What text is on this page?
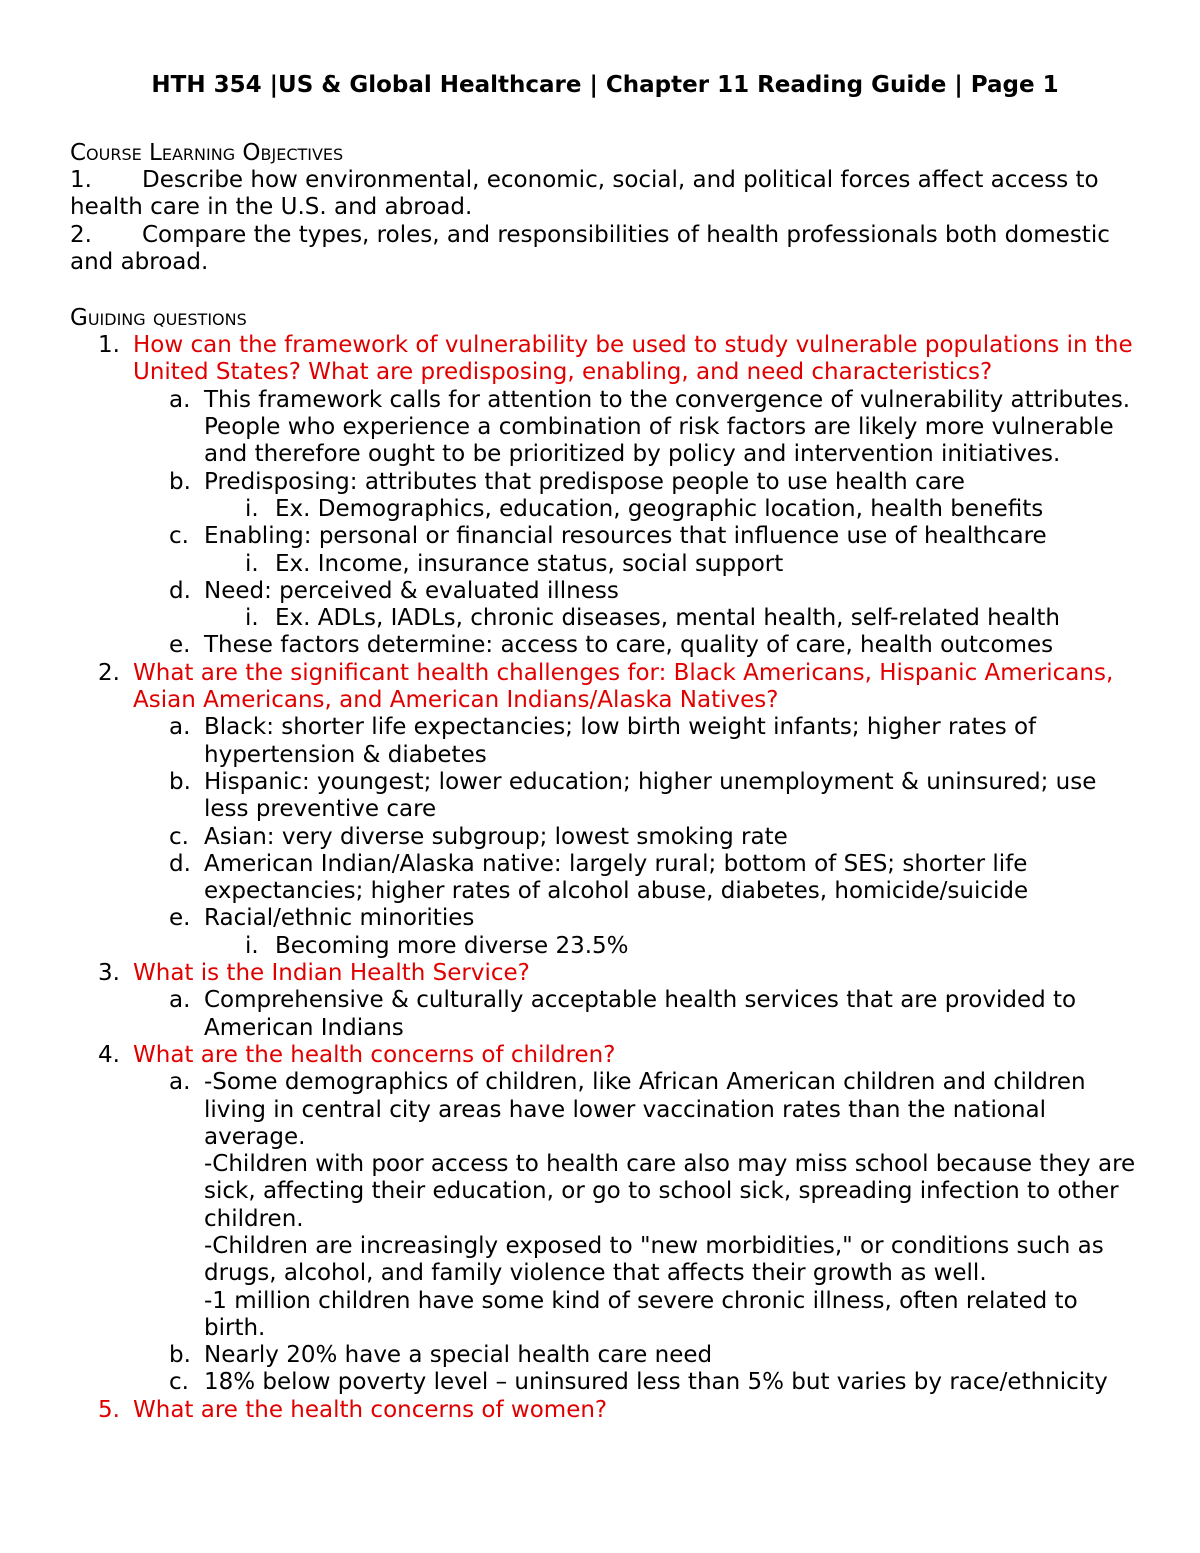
HTH 354 |US & Global Healthcare | Chapter 11 Reading Guide | Page 1
Course Learning Objectives
1. Describe how environmental, economic, social, and political forces affect access to health care in the U.S. and abroad.
2. Compare the types, roles, and responsibilities of health professionals both domestic and abroad.
Guiding questions
1. How can the framework of vulnerability be used to study vulnerable populations in the United States? What are predisposing, enabling, and need characteristics?
a. This framework calls for attention to the convergence of vulnerability attributes. People who experience a combination of risk factors are likely more vulnerable and therefore ought to be prioritized by policy and intervention initiatives.
b. Predisposing: attributes that predispose people to use health care
i. Ex. Demographics, education, geographic location, health benefits
c. Enabling: personal or financial resources that influence use of healthcare
i. Ex. Income, insurance status, social support
d. Need: perceived & evaluated illness
i. Ex. ADLs, IADLs, chronic diseases, mental health, self-related health
e. These factors determine: access to care, quality of care, health outcomes
2. What are the significant health challenges for: Black Americans, Hispanic Americans, Asian Americans, and American Indians/Alaska Natives?
a. Black: shorter life expectancies; low birth weight infants; higher rates of hypertension & diabetes
b. Hispanic: youngest; lower education; higher unemployment & uninsured; use less preventive care
c. Asian: very diverse subgroup; lowest smoking rate
d. American Indian/Alaska native: largely rural; bottom of SES; shorter life expectancies; higher rates of alcohol abuse, diabetes, homicide/suicide
e. Racial/ethnic minorities
i. Becoming more diverse 23.5%
3. What is the Indian Health Service?
a. Comprehensive & culturally acceptable health services that are provided to American Indians
4. What are the health concerns of children?
a. -Some demographics of children, like African American children and children living in central city areas have lower vaccination rates than the national average.
-Children with poor access to health care also may miss school because they are sick, affecting their education, or go to school sick, spreading infection to other children.
-Children are increasingly exposed to "new morbidities," or conditions such as drugs, alcohol, and family violence that affects their growth as well.
-1 million children have some kind of severe chronic illness, often related to birth.
b. Nearly 20% have a special health care need
c. 18% below poverty level – uninsured less than 5% but varies by race/ethnicity
5. What are the health concerns of women?
